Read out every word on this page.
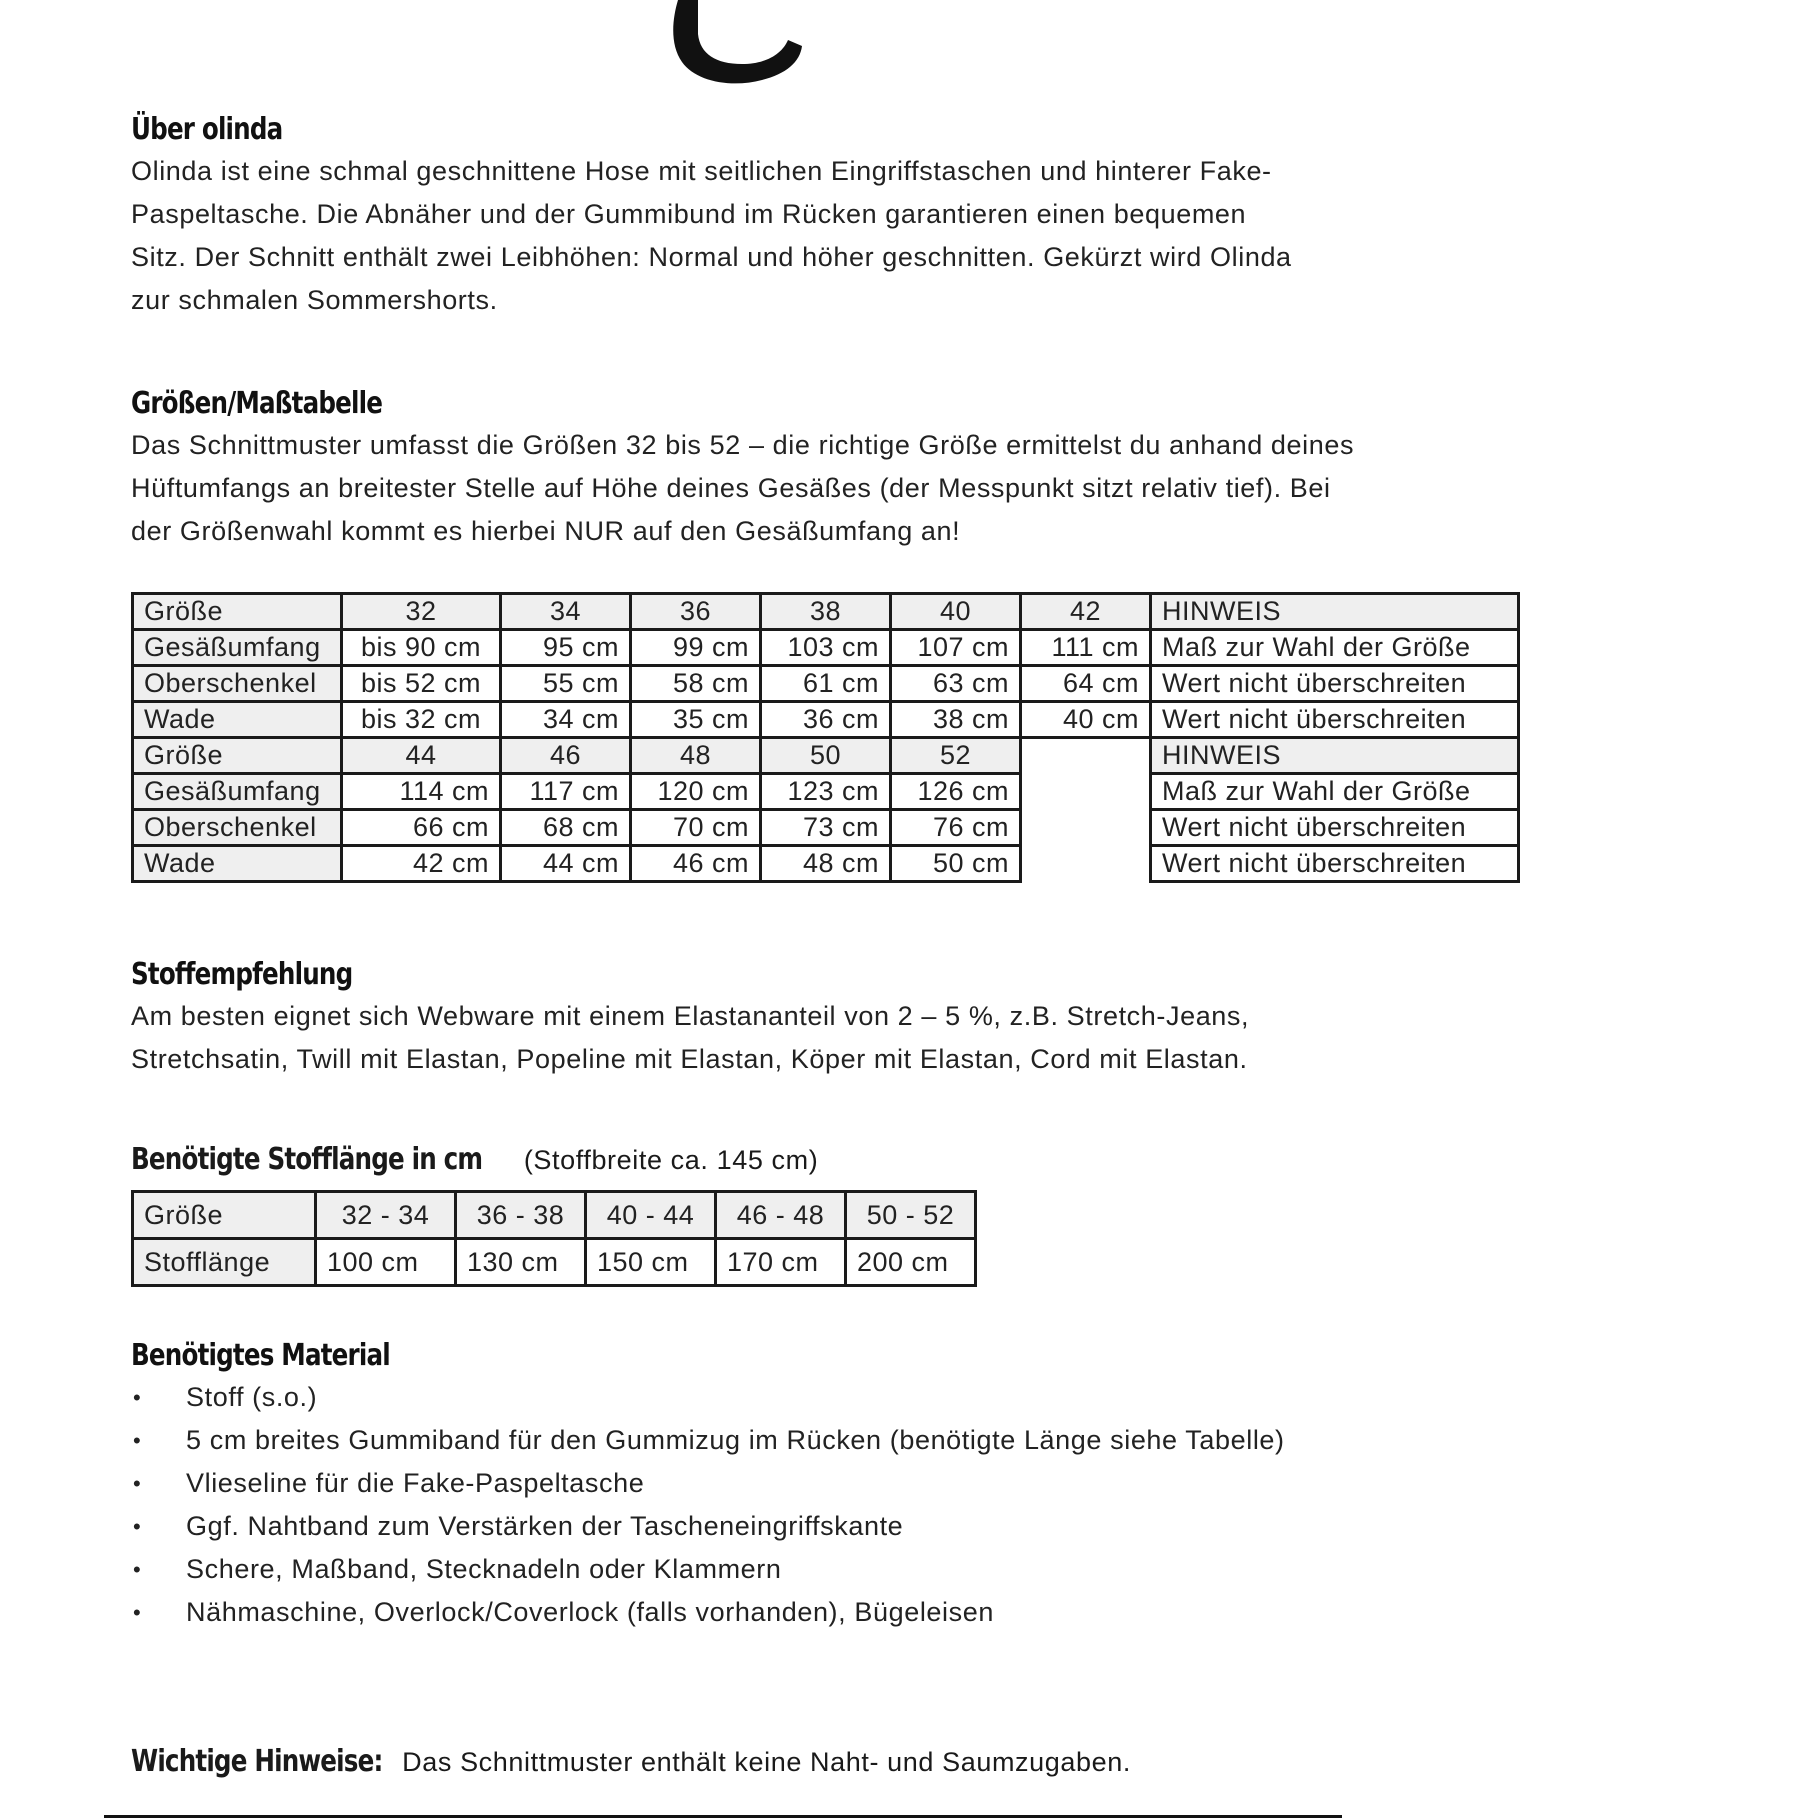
Über olinda

Olinda ist eine schmal geschnittene Hose mit seitlichen Eingriffstaschen und hinterer Fake-Paspeltasche. Die Abnäher und der Gummibund im Rücken garantieren einen bequemen Sitz. Der Schnitt enthält zwei Leibhöhen: Normal und höher geschnitten. Gekürzt wird Olinda zur schmalen Sommershorts.

Größen/Maßtabelle

Das Schnittmuster umfasst die Größen 32 bis 52 – die richtige Größe ermittelst du anhand deines Hüftumfangs an breitester Stelle auf Höhe deines Gesäßes (der Messpunkt sitzt relativ tief). Bei der Größenwahl kommt es hierbei NUR auf den Gesäßumfang an!

Größe	32	34	36	38	40	42	HINWEIS
Gesäßumfang	bis 90 cm	95 cm	99 cm	103 cm	107 cm	111 cm	Maß zur Wahl der Größe
Oberschenkel	bis 52 cm	55 cm	58 cm	61 cm	63 cm	64 cm	Wert nicht überschreiten
Wade	bis 32 cm	34 cm	35 cm	36 cm	38 cm	40 cm	Wert nicht überschreiten
Größe	44	46	48	50	52		HINWEIS
Gesäßumfang	114 cm	117 cm	120 cm	123 cm	126 cm		Maß zur Wahl der Größe
Oberschenkel	66 cm	68 cm	70 cm	73 cm	76 cm		Wert nicht überschreiten
Wade	42 cm	44 cm	46 cm	48 cm	50 cm		Wert nicht überschreiten
Stoffempfehlung

Am besten eignet sich Webware mit einem Elastananteil von 2 – 5 %, z.B. Stretch-Jeans, Stretchsatin, Twill mit Elastan, Popeline mit Elastan, Köper mit Elastan, Cord mit Elastan.

Benötigte Stofflänge in cm (Stoffbreite ca. 145 cm)
Größe	32 - 34	36 - 38	40 - 44	46 - 48	50 - 52
Stofflänge	100 cm	130 cm	150 cm	170 cm	200 cm
Benötigtes Material
• Stoff (s.o.)
• 5 cm breites Gummiband für den Gummizug im Rücken (benötigte Länge siehe Tabelle)
• Vlieseline für die Fake-Paspeltasche
• Ggf. Nahtband zum Verstärken der Tascheneingriffskante
• Schere, Maßband, Stecknadeln oder Klammern
• Nähmaschine, Overlock/Coverlock (falls vorhanden), Bügeleisen
Wichtige Hinweise: Das Schnittmuster enthält keine Naht- und Saumzugaben.
